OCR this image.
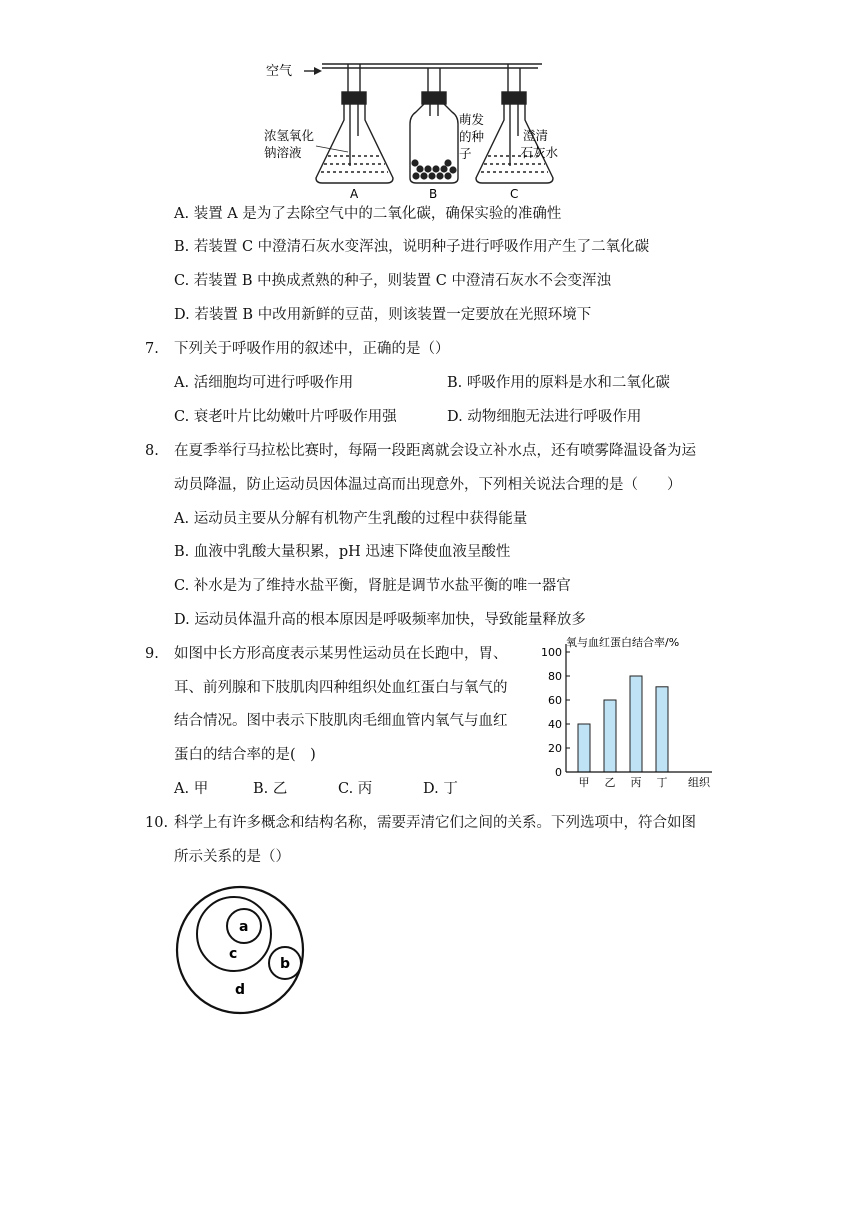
空气
浓氢氧化
钠溶液
萌发
的种
子
澄清
石灰水
A	B	C
A. 装置 A 是为了去除空气中的二氧化碳，确保实验的准确性
B. 若装置 C 中澄清石灰水变浑浊，说明种子进行呼吸作用产生了二氧化碳
C. 若装置 B 中换成煮熟的种子，则装置 C 中澄清石灰水不会变浑浊
D. 若装置 B 中改用新鲜的豆苗，则该装置一定要放在光照环境下
7. 下列关于呼吸作用的叙述中，正确的是（）
A. 活细胞均可进行呼吸作用	B. 呼吸作用的原料是水和二氧化碳
C. 衰老叶片比幼嫩叶片呼吸作用强	D. 动物细胞无法进行呼吸作用
8. 在夏季举行马拉松比赛时，每隔一段距离就会设立补水点，还有喷雾降温设备为运
动员降温，防止运动员因体温过高而出现意外，下列相关说法合理的是（　　）
A. 运动员主要从分解有机物产生乳酸的过程中获得能量
B. 血液中乳酸大量积累，pH 迅速下降使血液呈酸性
C. 补水是为了维持水盐平衡，肾脏是调节水盐平衡的唯一器官
D. 运动员体温升高的根本原因是呼吸频率加快，导致能量释放多
9. 如图中长方形高度表示某男性运动员在长跑中，胃、
耳、前列腺和下肢肌肉四种组织处血红蛋白与氧气的
结合情况。图中表示下肢肌肉毛细血管内氧气与血红
蛋白的结合率的是(　)
A. 甲	B. 乙	C. 丙	D. 丁
氧与血红蛋白结合率/%
0
20
40
60
80
100
甲 乙 丙 丁 组织
10. 科学上有许多概念和结构名称，需要弄清它们之间的关系。下列选项中，符合如图
所示关系的是（）
a
c
b
d
